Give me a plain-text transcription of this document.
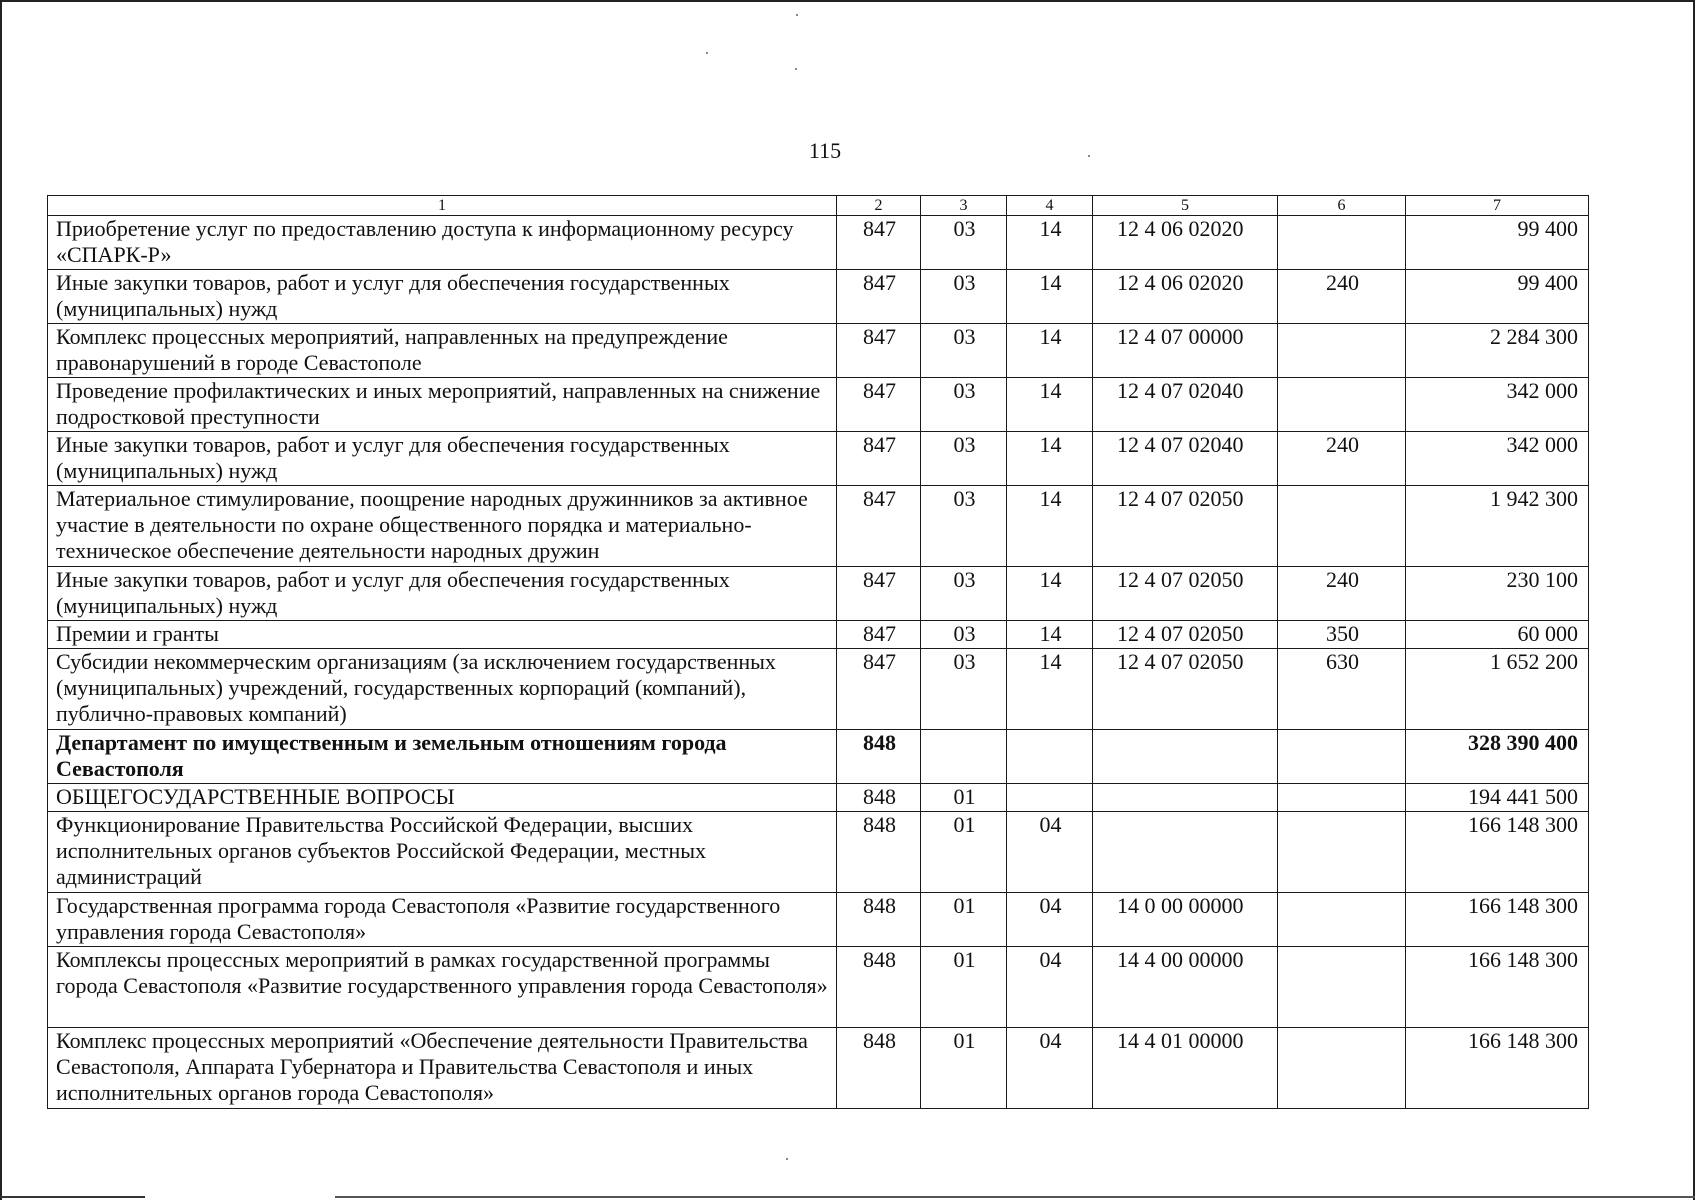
115
1	2	3	4	5	6	7
Приобретение услуг по предоставлению доступа к информационному ресурсу «СПАРК-Р»	847	03	14	12 4 06 02020		99 400
Иные закупки товаров, работ и услуг для обеспечения государственных (муниципальных) нужд	847	03	14	12 4 06 02020	240	99 400
Комплекс процессных мероприятий, направленных на предупреждение правонарушений в городе Севастополе	847	03	14	12 4 07 00000		2 284 300
Проведение профилактических и иных мероприятий, направленных на снижение подростковой преступности	847	03	14	12 4 07 02040		342 000
Иные закупки товаров, работ и услуг для обеспечения государственных (муниципальных) нужд	847	03	14	12 4 07 02040	240	342 000
Материальное стимулирование, поощрение народных дружинников за активное участие в деятельности по охране общественного порядка и материально-техническое обеспечение деятельности народных дружин	847	03	14	12 4 07 02050		1 942 300
Иные закупки товаров, работ и услуг для обеспечения государственных (муниципальных) нужд	847	03	14	12 4 07 02050	240	230 100
Премии и гранты	847	03	14	12 4 07 02050	350	60 000
Субсидии некоммерческим организациям (за исключением государственных (муниципальных) учреждений, государственных корпораций (компаний), публично-правовых компаний)	847	03	14	12 4 07 02050	630	1 652 200
Департамент по имущественным и земельным отношениям города Севастополя	848					328 390 400
ОБЩЕГОСУДАРСТВЕННЫЕ ВОПРОСЫ	848	01				194 441 500
Функционирование Правительства Российской Федерации, высших исполнительных органов субъектов Российской Федерации, местных администраций	848	01	04			166 148 300
Государственная программа города Севастополя «Развитие государственного управления города Севастополя»	848	01	04	14 0 00 00000		166 148 300
Комплексы процессных мероприятий в рамках государственной программы города Севастополя «Развитие государственного управления города Севастополя»	848	01	04	14 4 00 00000		166 148 300
Комплекс процессных мероприятий «Обеспечение деятельности Правительства Севастополя, Аппарата Губернатора и Правительства Севастополя и иных исполнительных органов города Севастополя»	848	01	04	14 4 01 00000		166 148 300
